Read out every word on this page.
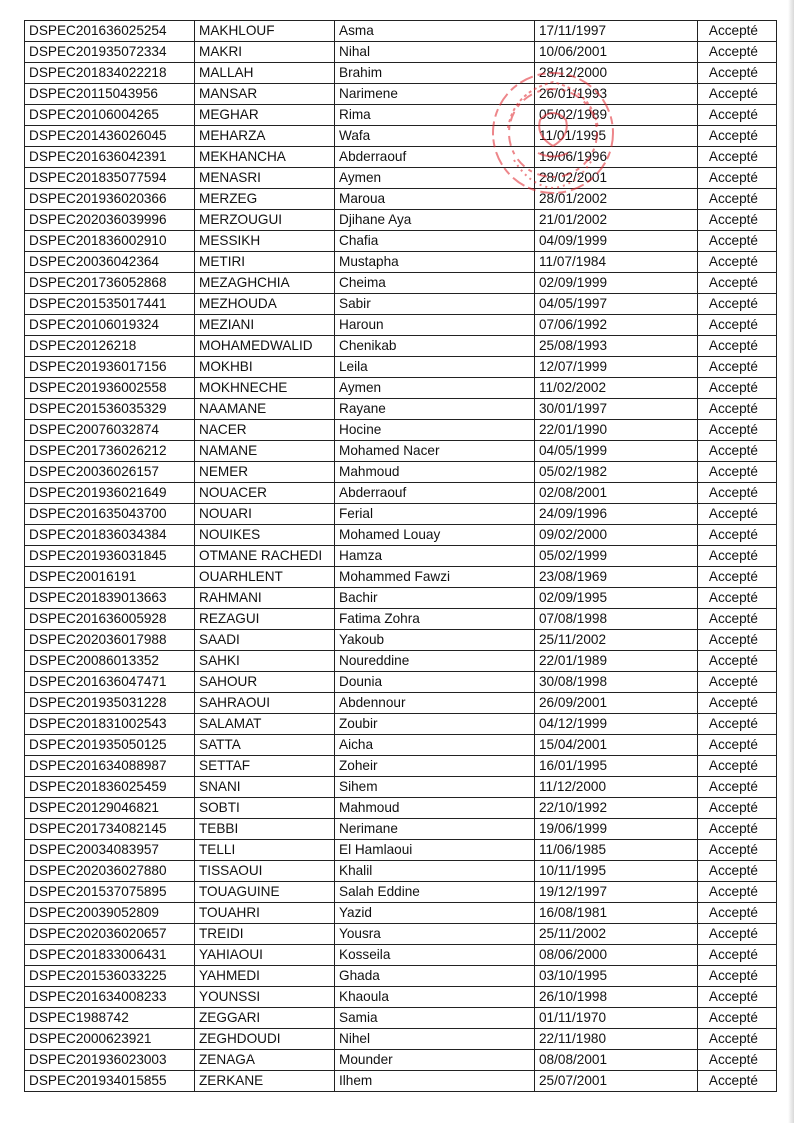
DSPEC201636025254	MAKHLOUF	Asma	17/11/1997	Accepté
DSPEC201935072334	MAKRI	Nihal	10/06/2001	Accepté
DSPEC201834022218	MALLAH	Brahim	28/12/2000	Accepté
DSPEC20115043956	MANSAR	Narimene	26/01/1993	Accepté
DSPEC20106004265	MEGHAR	Rima	05/02/1989	Accepté
DSPEC201436026045	MEHARZA	Wafa	11/01/1995	Accepté
DSPEC201636042391	MEKHANCHA	Abderraouf	19/06/1996	Accepté
DSPEC201835077594	MENASRI	Aymen	28/02/2001	Accepté
DSPEC201936020366	MERZEG	Maroua	28/01/2002	Accepté
DSPEC202036039996	MERZOUGUI	Djihane Aya	21/01/2002	Accepté
DSPEC201836002910	MESSIKH	Chafia	04/09/1999	Accepté
DSPEC20036042364	METIRI	Mustapha	11/07/1984	Accepté
DSPEC201736052868	MEZAGHCHIA	Cheima	02/09/1999	Accepté
DSPEC201535017441	MEZHOUDA	Sabir	04/05/1997	Accepté
DSPEC20106019324	MEZIANI	Haroun	07/06/1992	Accepté
DSPEC20126218	MOHAMEDWALID	Chenikab	25/08/1993	Accepté
DSPEC201936017156	MOKHBI	Leila	12/07/1999	Accepté
DSPEC201936002558	MOKHNECHE	Aymen	11/02/2002	Accepté
DSPEC201536035329	NAAMANE	Rayane	30/01/1997	Accepté
DSPEC20076032874	NACER	Hocine	22/01/1990	Accepté
DSPEC201736026212	NAMANE	Mohamed Nacer	04/05/1999	Accepté
DSPEC20036026157	NEMER	Mahmoud	05/02/1982	Accepté
DSPEC201936021649	NOUACER	Abderraouf	02/08/2001	Accepté
DSPEC201635043700	NOUARI	Ferial	24/09/1996	Accepté
DSPEC201836034384	NOUIKES	Mohamed Louay	09/02/2000	Accepté
DSPEC201936031845	OTMANE RACHEDI	Hamza	05/02/1999	Accepté
DSPEC20016191	OUARHLENT	Mohammed Fawzi	23/08/1969	Accepté
DSPEC201839013663	RAHMANI	Bachir	02/09/1995	Accepté
DSPEC201636005928	REZAGUI	Fatima Zohra	07/08/1998	Accepté
DSPEC202036017988	SAADI	Yakoub	25/11/2002	Accepté
DSPEC20086013352	SAHKI	Noureddine	22/01/1989	Accepté
DSPEC201636047471	SAHOUR	Dounia	30/08/1998	Accepté
DSPEC201935031228	SAHRAOUI	Abdennour	26/09/2001	Accepté
DSPEC201831002543	SALAMAT	Zoubir	04/12/1999	Accepté
DSPEC201935050125	SATTA	Aicha	15/04/2001	Accepté
DSPEC201634088987	SETTAF	Zoheir	16/01/1995	Accepté
DSPEC201836025459	SNANI	Sihem	11/12/2000	Accepté
DSPEC20129046821	SOBTI	Mahmoud	22/10/1992	Accepté
DSPEC201734082145	TEBBI	Nerimane	19/06/1999	Accepté
DSPEC20034083957	TELLI	El Hamlaoui	11/06/1985	Accepté
DSPEC202036027880	TISSAOUI	Khalil	10/11/1995	Accepté
DSPEC201537075895	TOUAGUINE	Salah Eddine	19/12/1997	Accepté
DSPEC20039052809	TOUAHRI	Yazid	16/08/1981	Accepté
DSPEC202036020657	TREIDI	Yousra	25/11/2002	Accepté
DSPEC201833006431	YAHIAOUI	Kosseila	08/06/2000	Accepté
DSPEC201536033225	YAHMEDI	Ghada	03/10/1995	Accepté
DSPEC201634008233	YOUNSSI	Khaoula	26/10/1998	Accepté
DSPEC1988742	ZEGGARI	Samia	01/11/1970	Accepté
DSPEC2000623921	ZEGHDOUDI	Nihel	22/11/1980	Accepté
DSPEC201936023003	ZENAGA	Mounder	08/08/2001	Accepté
DSPEC201934015855	ZERKANE	Ilhem	25/07/2001	Accepté
